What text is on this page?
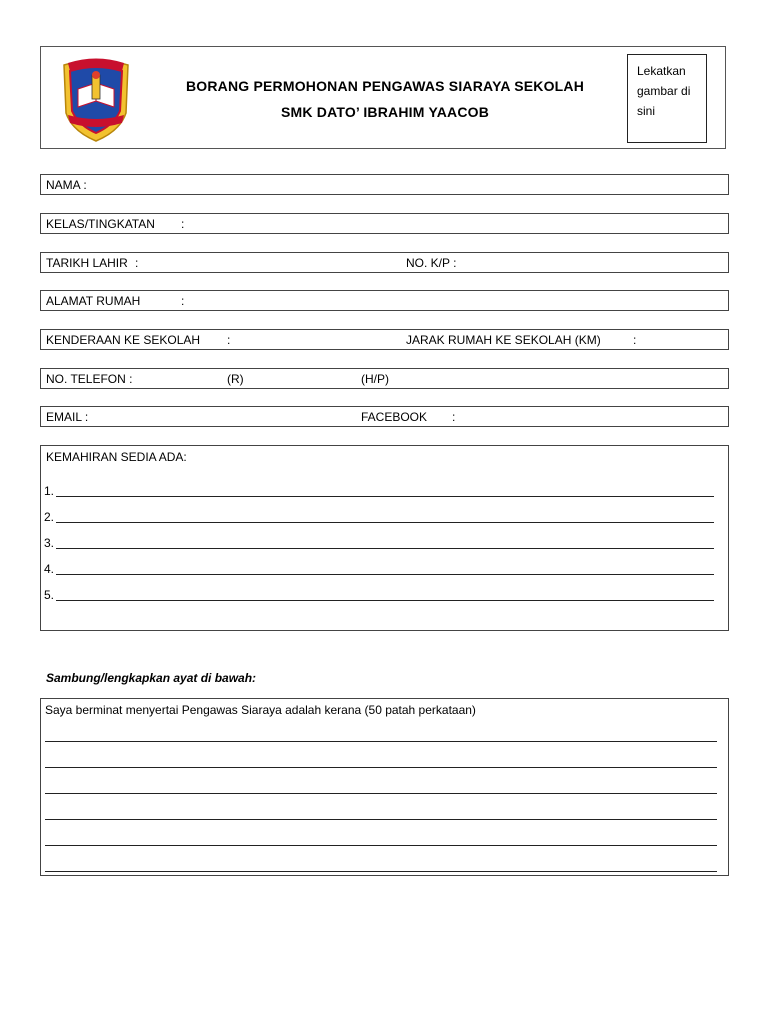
BORANG PERMOHONAN PENGAWAS SIARAYA SEKOLAH
SMK DATO’ IBRAHIM YAACOB
Lekatkan gambar di sini
NAMA :
KELAS/TINGKATAN :
TARIKH LAHIR :	NO. K/P :
ALAMAT RUMAH	:
KENDERAAN KE SEKOLAH :	JARAK RUMAH KE SEKOLAH (KM)	:
NO. TELEFON :	(R)	(H/P)
EMAIL :	FACEBOOK :
KEMAHIRAN SEDIA ADA:
1.
2.
3.
4.
5.
Sambung/lengkapkan ayat di bawah:
Saya berminat menyertai Pengawas Siaraya adalah kerana (50 patah perkataan)
